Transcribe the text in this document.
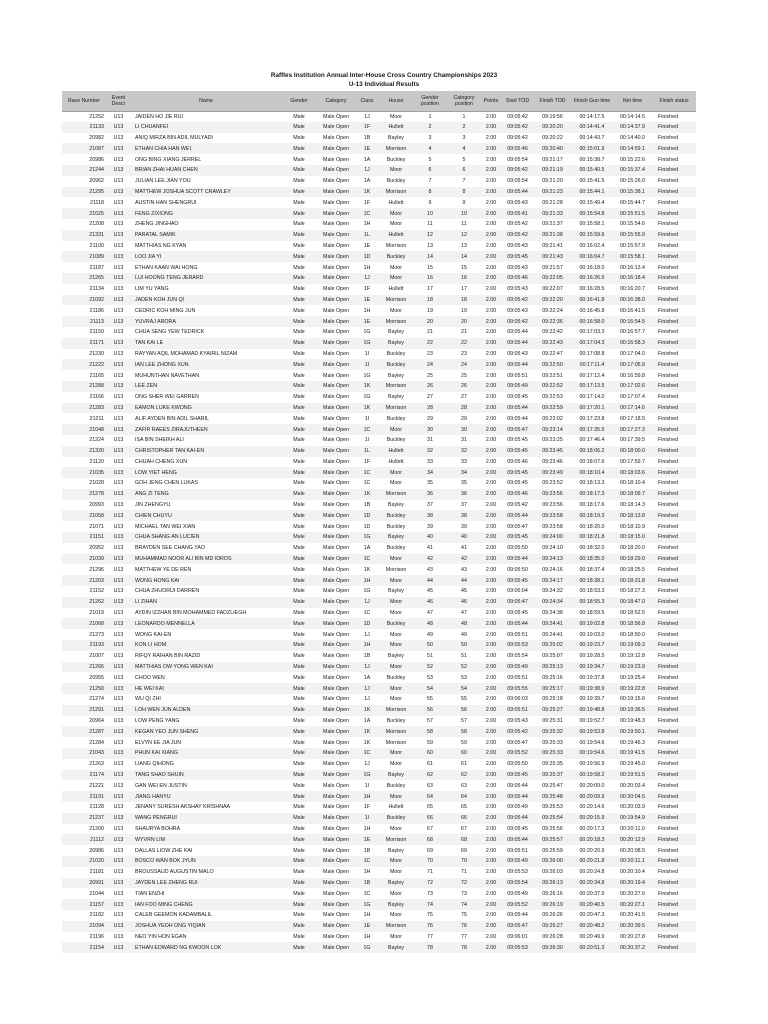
Raffles Institution Annual Inter-House Cross Country Championships 2023
U-13 Individual Results
Race Number	Event Descr	Name	Gender	Category	Class	House	Gender position	Category position	Points	Start TOD	Finish TOD	Finish Gun time	Net time	Finish status
21252	U13	JAIDEN HO JIE RUI	Male	Male Open	1J	Moor	1	1	2.00	09:05:42	09:19:56	00:14:17.5	00:14:14.5	Finished
21133	U13	LI CHUANFEI	Male	Male Open	1F	Hullett	2	2	2.00	09:05:42	09:20:20	00:14:41.4	00:14:37.9	Finished
20982	U13	ANIQ MIRZA BIN ADIL MULYADI	Male	Male Open	1B	Bayley	3	3	2.00	09:05:42	09:20:22	00:14:43.7	00:14:40.0	Finished
21087	U13	ETHAN CHIA HAN WEI	Male	Male Open	1E	Morrison	4	4	2.00	09:05:46	09:20:40	00:15:01.9	00:14:59.1	Finished
20986	U13	ONG BING XIANG JERREL	Male	Male Open	1A	Buckley	5	5	2.00	09:05:54	09:21:17	00:15:38.7	00:15:22.6	Finished
21244	U13	BRIAN ZHAI HUAN CHEN	Male	Male Open	1J	Moor	6	6	2.00	09:05:42	09:21:19	00:15:40.5	00:15:37.4	Finished
20962	U13	JULIAN LEE JIAN YOU	Male	Male Open	1A	Buckley	7	7	2.00	09:05:54	09:21:20	00:15:41.5	00:15:26.0	Finished
21295	U13	MATTHEW JOSHUA SCOTT CRAWLEY	Male	Male Open	1K	Morrison	8	8	2.00	09:05:44	09:21:23	00:15:44.1	00:15:38.1	Finished
21118	U13	AUSTIN HAN SHENGRUI	Male	Male Open	1F	Hullett	9	9	2.00	09:05:43	09:21:28	00:15:49.4	00:15:44.7	Finished
21025	U13	FENG ZIXIONG	Male	Male Open	1C	Moor	10	10	2.00	09:05:41	09:21:33	00:15:54.8	00:15:51.5	Finished
21208	U13	ZHENG JINGHAO	Male	Male Open	1H	Moor	11	11	2.00	09:05:42	09:21:37	00:15:58.1	00:15:54.6	Finished
21331	U13	PARATAL SAMIK	Male	Male Open	1L	Hullett	12	12	2.00	09:05:42	09:21:38	00:15:59.6	00:15:55.9	Finished
21100	U13	MATTHIAS NG KYAN	Male	Male Open	1E	Morrison	13	13	2.00	09:05:43	09:21:41	00:16:02.4	00:15:57.9	Finished
21089	U13	LOO JIA YI	Male	Male Open	1D	Buckley	14	14	2.00	09:05:45	09:21:43	00:16:04.7	00:15:58.1	Finished
21187	U13	ETHAN KAAN WAI HONG	Male	Male Open	1H	Moor	15	15	2.00	09:05:43	09:21:57	00:16:18.0	00:16:13.4	Finished
21265	U13	LUI HOONG TENG JERARD	Male	Male Open	1J	Moor	16	16	2.00	09:05:46	09:22:05	00:16:26.5	00:16:18.4	Finished
21134	U13	LIM YU YANG	Male	Male Open	1F	Hullett	17	17	2.00	09:05:43	09:22:07	00:16:28.5	00:16:20.7	Finished
21092	U13	JADEN KOH JUN QI	Male	Male Open	1E	Morrison	18	18	2.00	09:05:42	09:22:20	00:16:41.8	00:16:38.0	Finished
21186	U13	CEDRIC KOH MING JUN	Male	Male Open	1H	Moor	19	19	2.00	09:05:43	09:22:24	00:16:45.8	00:16:41.5	Finished
21113	U13	YUVRAJ ARORA	Male	Male Open	1E	Morrison	20	20	2.00	09:05:42	09:22:36	00:16:58.0	00:16:54.5	Finished
21150	U13	CHUA SENG YEW TEDRICK	Male	Male Open	1G	Bayley	21	21	2.00	09:05:44	09:22:42	00:17:03.3	00:16:57.7	Finished
21171	U13	TAN KAI LE	Male	Male Open	1G	Bayley	22	22	2.00	09:05:44	09:22:43	00:17:04.3	00:16:58.3	Finished
21230	U13	RAYYAN AQIL MOHAMAD KYAIRIL NIZAM	Male	Male Open	1I	Buckley	23	23	2.00	09:05:43	09:22:47	00:17:08.8	00:17:04.0	Finished
21222	U13	IAN LEE ZHONG XUN	Male	Male Open	1I	Buckley	24	24	2.00	09:05:44	09:22:50	00:17:11.4	00:17:05.9	Finished
21165	U13	MUHUNTHAN NAVETHAN	Male	Male Open	1G	Bayley	25	25	2.00	09:05:51	09:22:51	00:17:12.4	00:16:59.8	Finished
21288	U13	LEE ZEN	Male	Male Open	1K	Morrison	26	26	2.00	09:05:49	09:22:52	00:17:13.5	00:17:02.6	Finished
21166	U13	ONG SHER WEI GARREN	Male	Male Open	1G	Bayley	27	27	2.00	09:05:45	09:22:53	00:17:14.0	00:17:07.4	Finished
21283	U13	EAMON LUKE KWONG	Male	Male Open	1K	Morrison	28	28	2.00	09:05:44	09:22:59	00:17:20.1	00:17:14.6	Finished
21211	U13	ALIF AYDEN BIN ADIL SHARIL	Male	Male Open	1I	Buckley	29	29	2.00	09:05:44	09:23:02	00:17:23.8	00:17:18.5	Finished
21048	U13	ZAFIR RAEES ZIRAJUTHEEN	Male	Male Open	1C	Moor	30	30	2.00	09:05:47	09:23:14	00:17:35.5	00:17:27.3	Finished
21224	U13	ISA BIN SHEIKH ALI	Male	Male Open	1I	Buckley	31	31	2.00	09:05:45	09:23:25	00:17:46.4	00:17:39.5	Finished
21320	U13	CHRISTOPHER TAN KAI-EN	Male	Male Open	1L	Hullett	32	32	2.00	09:05:45	09:23:45	00:18:06.2	00:18:00.0	Finished
21120	U13	CHUAH CHENG XUN	Male	Male Open	1F	Hullett	33	33	2.00	09:05:46	09:23:46	00:18:07.6	00:17:59.7	Finished
21035	U13	LOW YIET HENG	Male	Male Open	1C	Moor	34	34	2.00	09:05:45	09:23:49	00:18:10.4	00:18:03.6	Finished
21028	U13	GOH JENG CHEN LUKAS	Male	Male Open	1C	Moor	35	35	2.00	09:05:45	09:23:52	00:18:13.3	00:18:10.4	Finished
21278	U13	ANG ZI TENG	Male	Male Open	1K	Morrison	36	36	2.00	09:05:46	09:23:56	00:18:17.3	00:18:09.7	Finished
20993	U13	JIN ZHENGYU	Male	Male Open	1B	Bayley	37	37	2.00	09:05:42	09:23:56	00:18:17.6	00:18:14.3	Finished
21058	U13	CHIEN CHUYU	Male	Male Open	1D	Buckley	38	38	2.00	09:05:44	09:23:58	00:18:19.3	00:18:13.8	Finished
21071	U13	MICHAEL TAN WEI XIAN	Male	Male Open	1D	Buckley	39	39	2.00	09:05:47	09:23:58	00:18:20.0	00:18:10.9	Finished
21151	U13	CHUA SHANG AN LUCIEN	Male	Male Open	1G	Bayley	40	40	2.00	09:05:45	09:24:00	00:18:21.8	00:18:15.0	Finished
20952	U13	BRAYDEN SEE CHANG YAO	Male	Male Open	1A	Buckley	41	41	2.00	09:05:50	09:24:10	00:18:32.0	00:18:20.0	Finished
21039	U13	MUHAMMAD NOOR ALI BIN MD IDROS	Male	Male Open	1C	Moor	42	42	2.00	09:05:44	09:24:13	00:18:35.0	00:18:29.0	Finished
21296	U13	MATTHEW YE DE REN	Male	Male Open	1K	Morrison	43	43	2.00	09:05:50	09:24:16	00:18:37.4	00:18:25.5	Finished
21203	U13	WONG HONG KAI	Male	Male Open	1H	Moor	44	44	2.00	09:05:45	09:24:17	00:18:38.1	00:18:31.8	Finished
21152	U13	CHUA ZHUORUI DARREN	Male	Male Open	1G	Bayley	45	45	2.00	09:06:04	09:24:32	00:18:53.3	00:18:27.3	Finished
21262	U13	LI ZIHAN	Male	Male Open	1J	Moor	46	46	2.00	09:05:47	09:24:34	00:18:55.3	00:18:47.0	Finished
21019	U13	AYDIN IZZHAN BIN MOHAMMED FADZLIEGH	Male	Male Open	1C	Moor	47	47	2.00	09:05:45	09:24:38	00:18:59.5	00:18:52.5	Finished
21068	U13	LEONARDO MENNELLA	Male	Male Open	1D	Buckley	48	48	2.00	09:05:44	09:24:41	00:19:02.8	00:18:56.8	Finished
21273	U13	WONG KAI-EN	Male	Male Open	1J	Moor	49	49	2.00	09:05:51	09:24:41	00:19:03.0	00:18:50.0	Finished
21193	U13	KON LI HOM	Male	Male Open	1H	Moor	50	50	2.00	09:05:53	09:25:02	00:19:23.7	00:19:09.3	Finished
21007	U13	RIFQY RAIHAN BIN RAZID	Male	Male Open	1B	Bayley	51	51	2.00	09:05:54	09:25:07	00:19:28.5	00:19:12.8	Finished
21266	U13	MATTHIAS OW YONG WEN KAI	Male	Male Open	1J	Moor	52	52	2.00	09:05:49	09:25:13	00:19:34.7	00:19:23.9	Finished
20955	U13	CHOO WEN	Male	Male Open	1A	Buckley	53	53	2.00	09:05:51	09:25:16	00:19:37.8	00:19:25.4	Finished
21250	U13	HE WEI KAI	Male	Male Open	1J	Moor	54	54	2.00	09:05:55	09:25:17	00:19:38.9	00:19:22.8	Finished
21274	U13	WU QI ZHI	Male	Male Open	1J	Moor	55	55	2.00	09:06:03	09:25:18	00:19:39.7	00:19:15.6	Finished
21291	U13	LOH WEN JUN ALDEN	Male	Male Open	1K	Morrison	56	56	2.00	09:05:51	09:25:27	00:19:48.8	00:19:36.5	Finished
20964	U13	LOW PENG YANG	Male	Male Open	1A	Buckley	57	57	2.00	09:05:43	09:25:31	00:19:52.7	00:19:48.3	Finished
21287	U13	KEGAN YEO JUN SHENG	Male	Male Open	1K	Morrison	58	58	2.00	09:05:42	09:25:32	00:19:53.8	00:19:50.1	Finished
21284	U13	ELVYN EE JIA JUN	Male	Male Open	1K	Morrison	59	59	2.00	09:05:47	09:25:33	00:19:54.6	00:19:46.3	Finished
21043	U13	PHUN KAI XIANG	Male	Male Open	1C	Moor	60	60	2.00	09:05:52	09:25:33	00:19:54.6	00:19:41.5	Finished
21263	U13	LIANG QIHONG	Male	Male Open	1J	Moor	61	61	2.00	09:05:50	09:25:35	00:19:56.9	00:19:45.0	Finished
21174	U13	TANG SHAO SHUIN	Male	Male Open	1G	Bayley	62	62	2.00	09:05:45	09:25:37	00:19:58.2	00:19:51.5	Finished
21221	U13	GAN WEI EN JUSTIN	Male	Male Open	1I	Buckley	63	63	2.00	09:05:44	09:25:47	00:20:09.0	00:20:03.4	Finished
21191	U13	JIANG HANYU	Male	Male Open	1H	Moor	64	64	2.00	09:05:44	09:25:48	00:20:09.9	00:20:04.5	Finished
21128	U13	JENANY SURESH AKSHAY KRISHNAA	Male	Male Open	1F	Hullett	65	65	2.00	09:05:49	09:25:53	00:20:14.6	00:20:03.9	Finished
21237	U13	WANG PENGRUI	Male	Male Open	1I	Buckley	66	66	2.00	09:05:44	09:25:54	00:20:15.9	00:19:54.9	Finished
21200	U13	SHAURYA BOHRA	Male	Male Open	1H	Moor	67	67	2.00	09:05:45	09:25:56	00:20:17.3	00:20:11.0	Finished
21112	U13	WYVRN LIM	Male	Male Open	1E	Morrison	68	68	2.00	09:05:44	09:25:57	00:20:18.3	00:20:12.9	Finished
20986	U13	DALLAS LIOW ZHE KAI	Male	Male Open	1B	Bayley	69	69	2.00	09:05:51	09:25:59	00:20:20.9	00:20:08.5	Finished
21020	U13	BOSCO WAN BOK JYUN	Male	Male Open	1C	Moor	70	70	2.00	09:05:49	09:26:00	00:20:21.8	00:20:11.1	Finished
21181	U13	BROUSSAUD AUGUSTIN MALO	Male	Male Open	1H	Moor	71	71	2.00	09:05:53	09:26:03	00:20:24.8	00:20:10.4	Finished
20991	U13	JAYDEN LEE ZHENG RUI	Male	Male Open	1B	Bayley	72	72	2.00	09:05:54	09:26:13	00:20:34.8	00:20:19.4	Finished
21044	U13	TIAN ENZHI	Male	Male Open	1C	Moor	73	73	2.00	09:05:49	09:26:16	00:20:37.9	00:20:27.6	Finished
21157	U13	IAN FOO MING CHENG	Male	Male Open	1G	Bayley	74	74	2.00	09:05:52	09:26:19	00:20:40.5	00:20:27.1	Finished
21182	U13	CALEB GEEMON KADAMBALIL	Male	Male Open	1H	Moor	75	75	2.00	09:05:44	09:26:26	00:20:47.3	00:20:41.5	Finished
21094	U13	JOSHUA YEOH ONG YIQIAN	Male	Male Open	1E	Morrison	76	76	2.00	09:05:47	09:26:27	00:20:48.2	00:20:39.5	Finished
21196	U13	NEO YIN HON EGAN	Male	Male Open	1H	Moor	77	77	2.00	09:06:01	09:26:28	00:20:49.9	00:20:27.8	Finished
21154	U13	ETHAN EDWARD NG KWOON LOK	Male	Male Open	1G	Bayley	78	78	2.00	09:05:53	09:26:30	00:20:51.3	00:20:37.2	Finished
